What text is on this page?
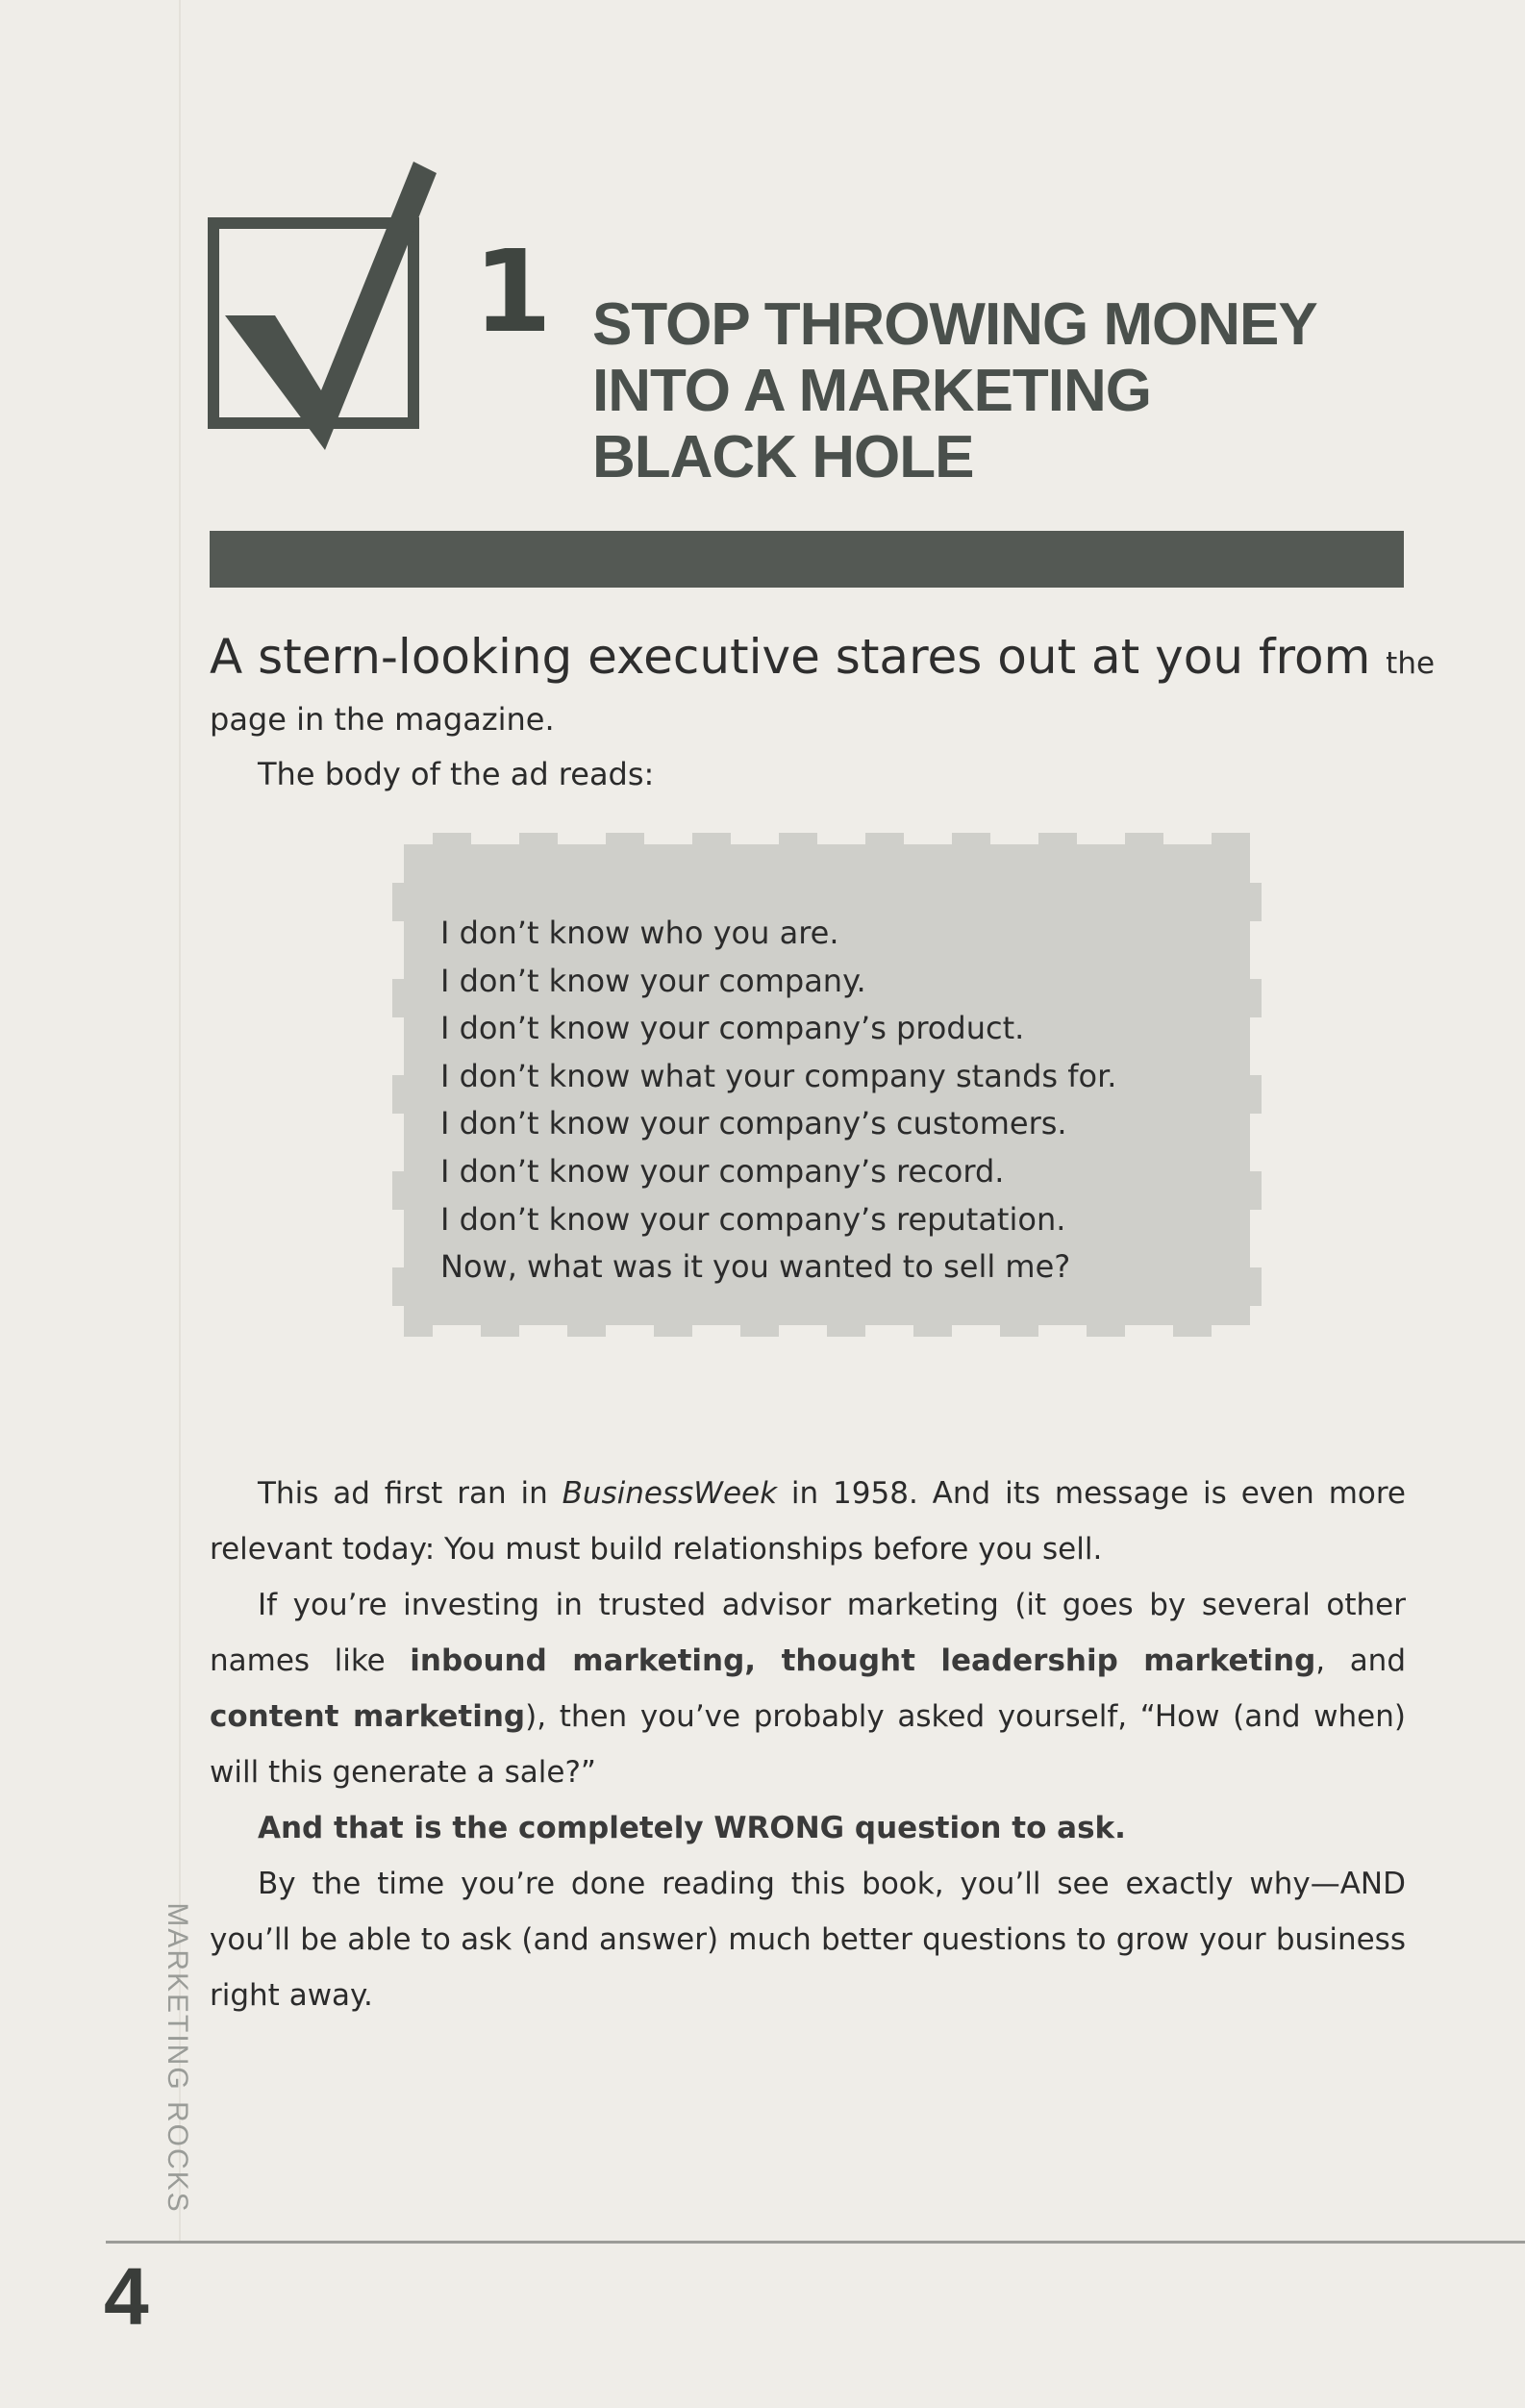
1 STOP THROWING MONEY
INTO A MARKETING
BLACK HOLE
A stern-looking executive stares out at you from the
page in the magazine.
The body of the ad reads:
I don’t know who you are.
I don’t know your company.
I don’t know your company’s product.
I don’t know what your company stands for.
I don’t know your company’s customers.
I don’t know your company’s record.
I don’t know your company’s reputation.
Now, what was it you wanted to sell me?

This ad first ran in BusinessWeek in 1958. And its message is even more relevant today: You must build relationships before you sell.

If you’re investing in trusted advisor marketing (it goes by several other names like inbound marketing, thought leadership marketing, and content marketing), then you’ve probably asked yourself, “How (and when) will this generate a sale?”

And that is the completely WRONG question to ask.

By the time you’re done reading this book, you’ll see exactly why—AND you’ll be able to ask (and answer) much better questions to grow your business right away.

MARKETING ROCKS
4
